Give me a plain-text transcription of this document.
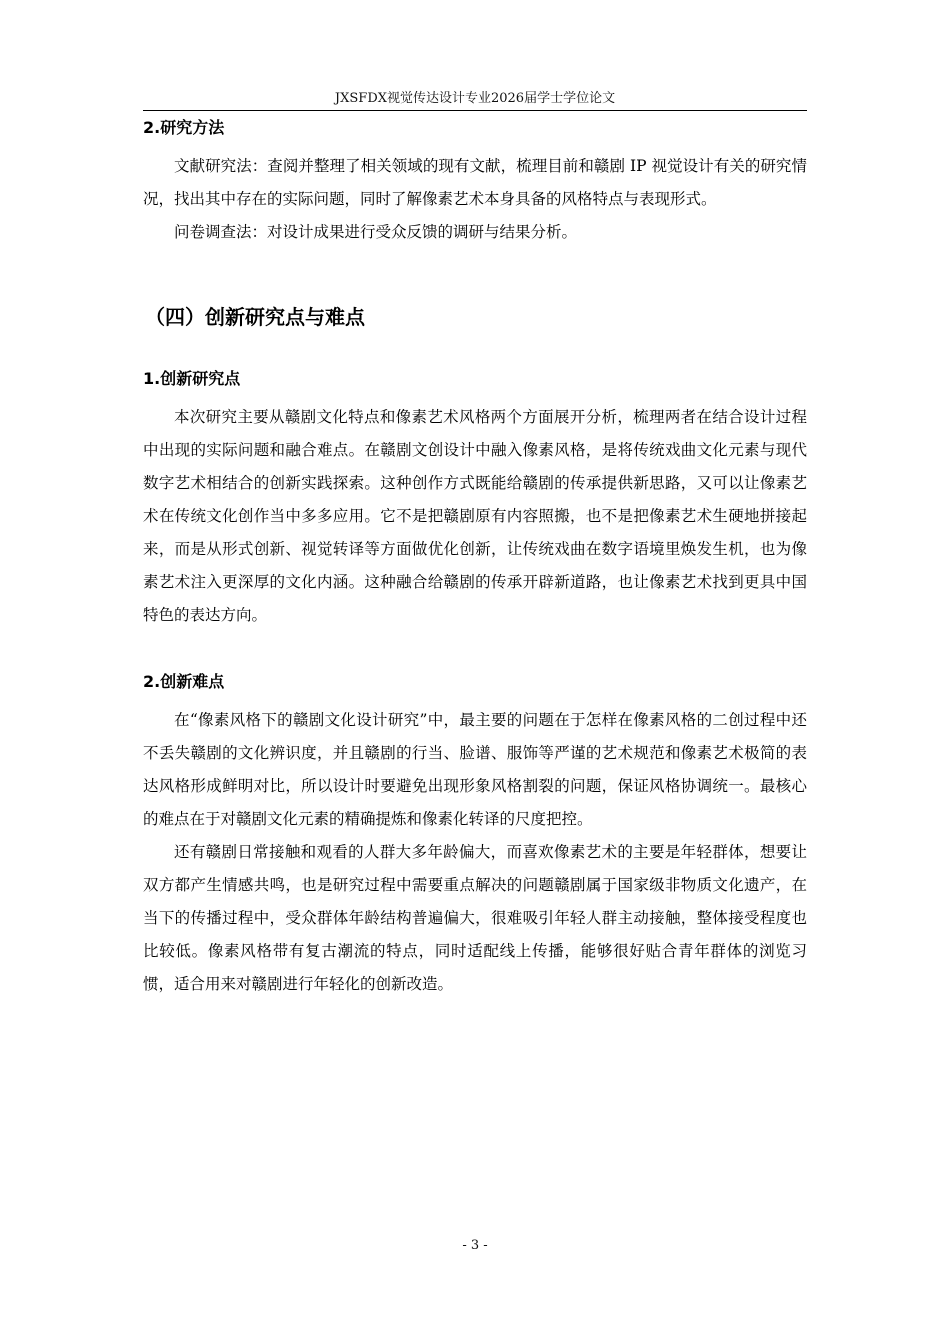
JXSFDX视觉传达设计专业2026届学士学位论文
2.研究方法

文献研究法：查阅并整理了相关领域的现有文献，梳理目前和赣剧 IP 视觉设计有关的研究情况，找出其中存在的实际问题，同时了解像素艺术本身具备的风格特点与表现形式。

问卷调查法：对设计成果进行受众反馈的调研与结果分析。

（四）创新研究点与难点
1.创新研究点

本次研究主要从赣剧文化特点和像素艺术风格两个方面展开分析，梳理两者在结合设计过程中出现的实际问题和融合难点。在赣剧文创设计中融入像素风格，是将传统戏曲文化元素与现代数字艺术相结合的创新实践探索。这种创作方式既能给赣剧的传承提供新思路，又可以让像素艺术在传统文化创作当中多多应用。它不是把赣剧原有内容照搬，也不是把像素艺术生硬地拼接起来，而是从形式创新、视觉转译等方面做优化创新，让传统戏曲在数字语境里焕发生机，也为像素艺术注入更深厚的文化内涵。这种融合给赣剧的传承开辟新道路，也让像素艺术找到更具中国特色的表达方向。

2.创新难点

在“像素风格下的赣剧文化设计研究”中，最主要的问题在于怎样在像素风格的二创过程中还不丢失赣剧的文化辨识度，并且赣剧的行当、脸谱、服饰等严谨的艺术规范和像素艺术极简的表达风格形成鲜明对比，所以设计时要避免出现形象风格割裂的问题，保证风格协调统一。最核心的难点在于对赣剧文化元素的精确提炼和像素化转译的尺度把控。

还有赣剧日常接触和观看的人群大多年龄偏大，而喜欢像素艺术的主要是年轻群体，想要让双方都产生情感共鸣，也是研究过程中需要重点解决的问题赣剧属于国家级非物质文化遗产，在当下的传播过程中，受众群体年龄结构普遍偏大，很难吸引年轻人群主动接触，整体接受程度也比较低。像素风格带有复古潮流的特点，同时适配线上传播，能够很好贴合青年群体的浏览习惯，适合用来对赣剧进行年轻化的创新改造。

- 3 -
